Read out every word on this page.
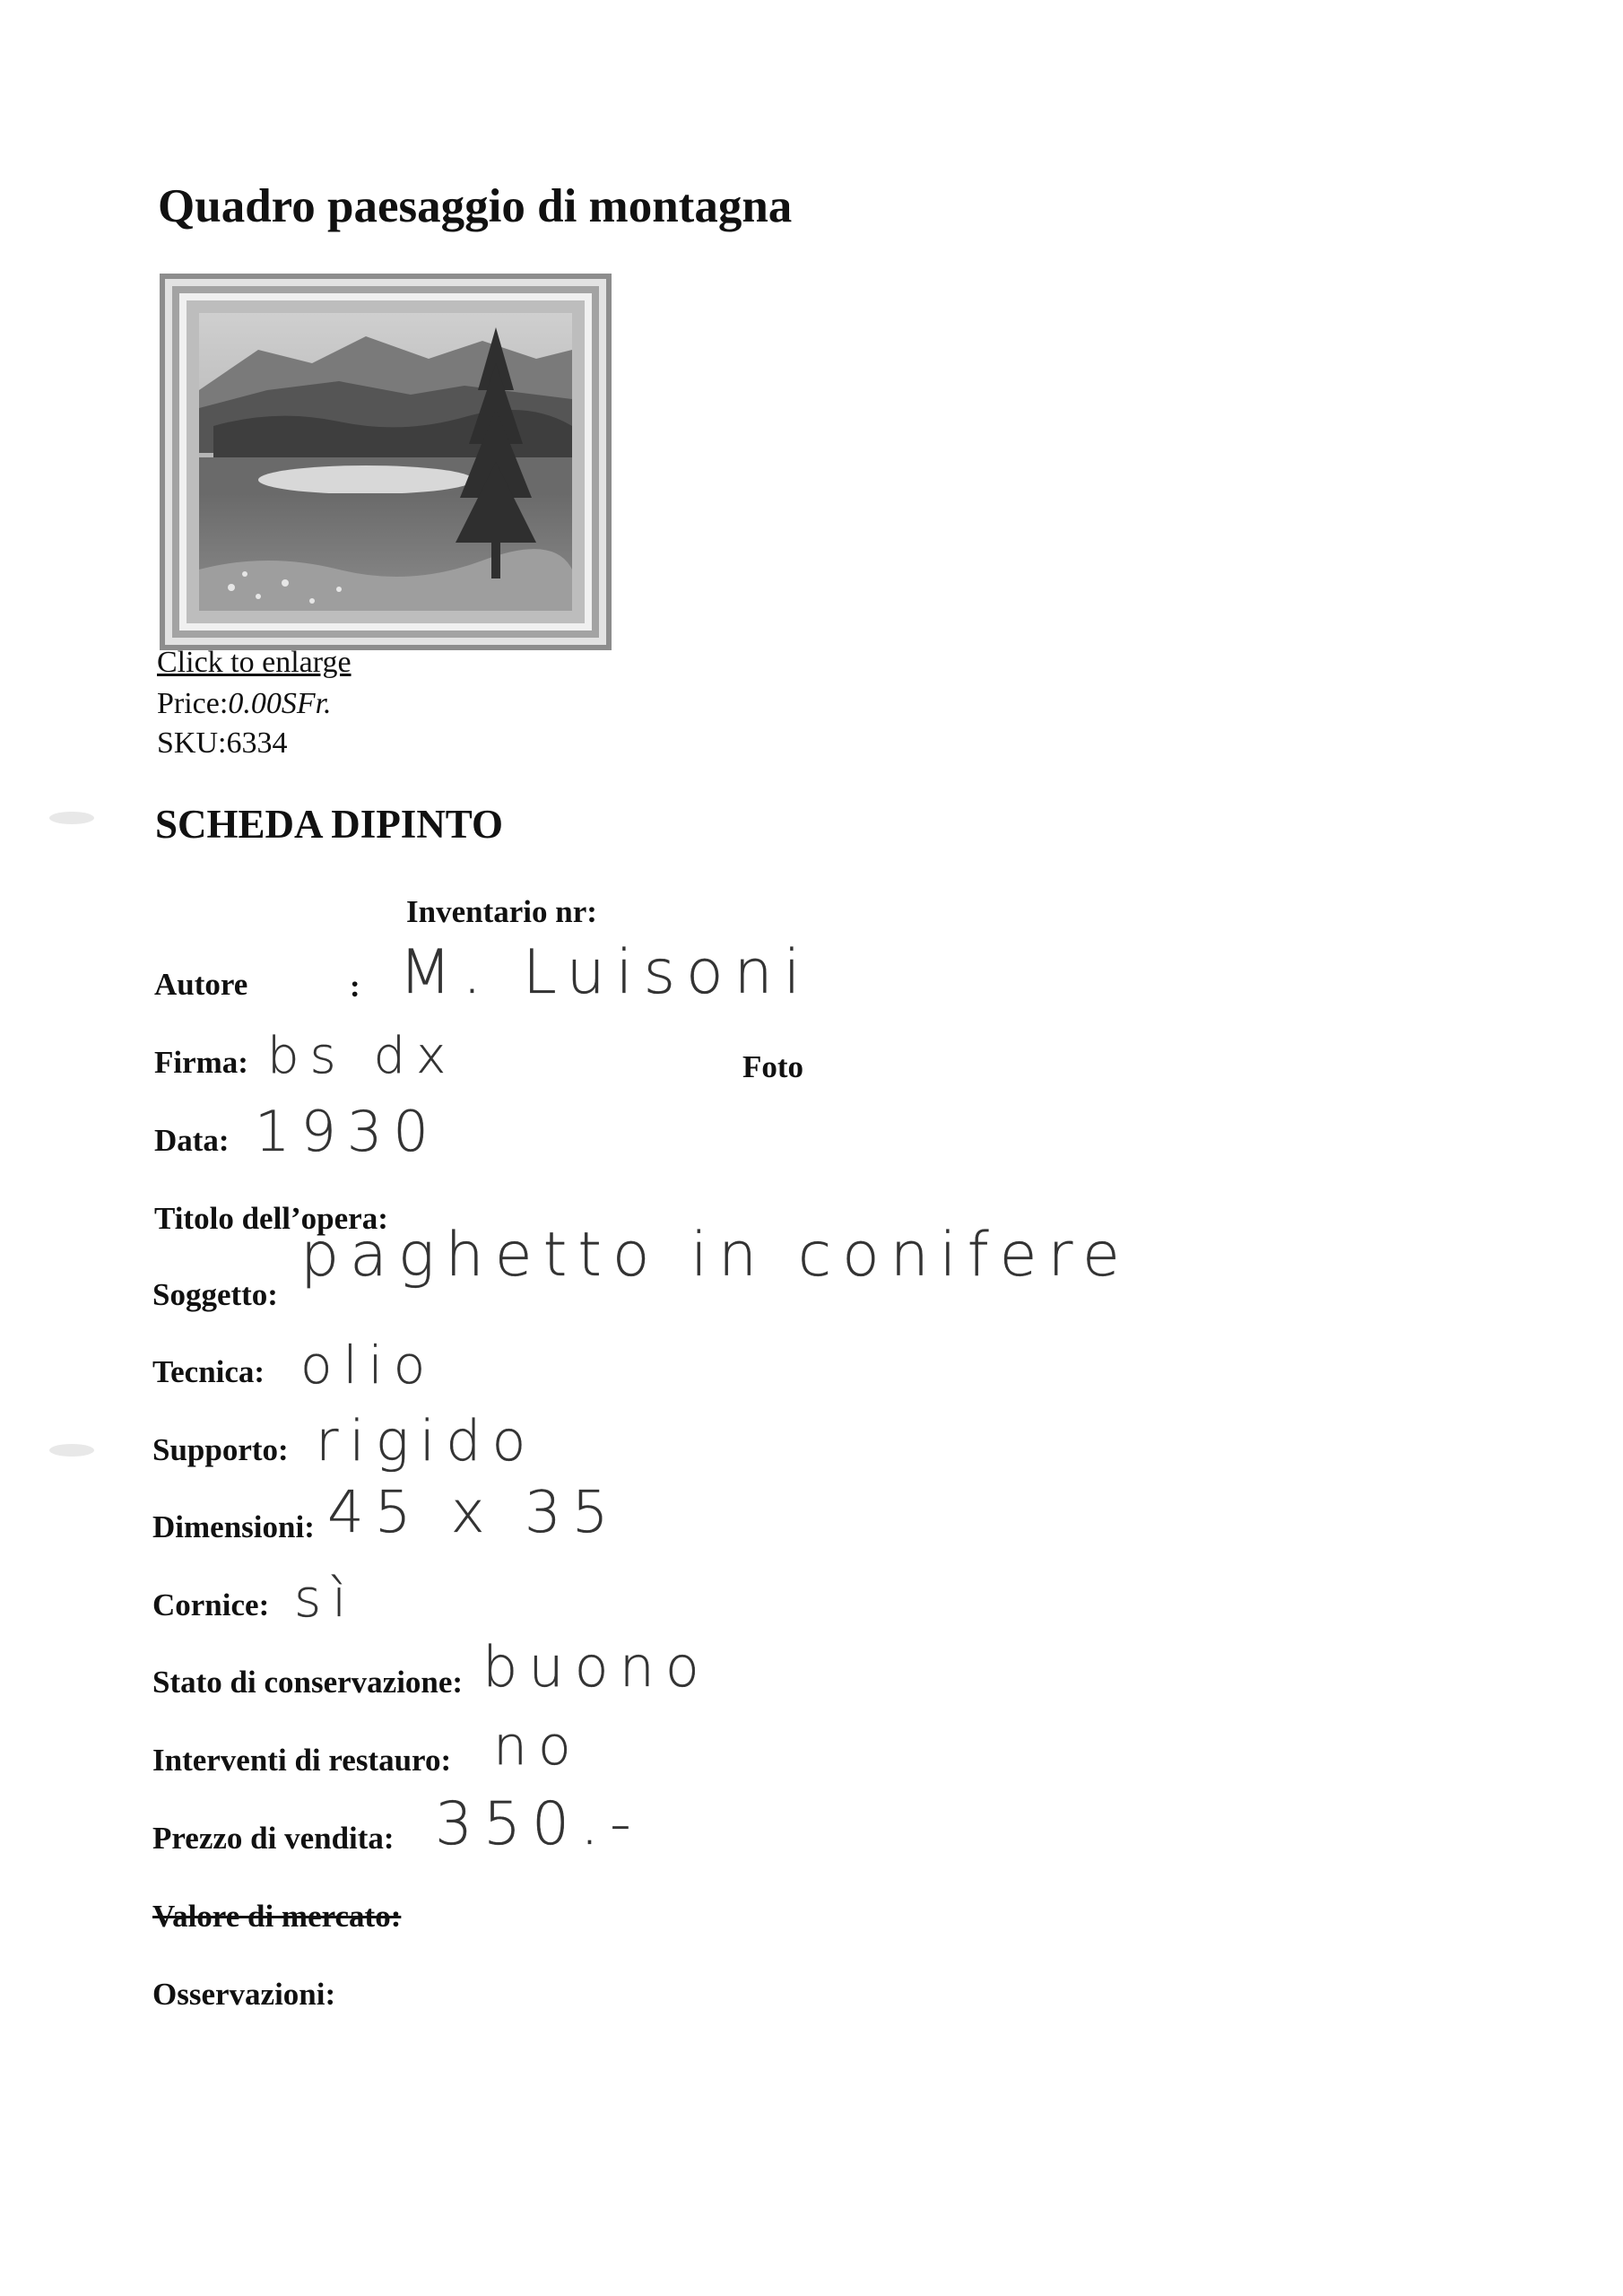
Quadro paesaggio di montagna
Click to enlarge
Price:0.00SFr.
SKU:6334
SCHEDA DIPINTO
Inventario nr:
Foto
Autore	: M. Luisoni
Firma: bs dx
Data: 1930
Titolo dell’opera:
Soggetto:
paghetto in conifere
Tecnica: olio
Supporto: rigido
Dimensioni: 45 x 35
Cornice: sì
Stato di conservazione: buono
Interventi di restauro: no
Prezzo di vendita: 350.-
Valore di mercato:
Osservazioni:
